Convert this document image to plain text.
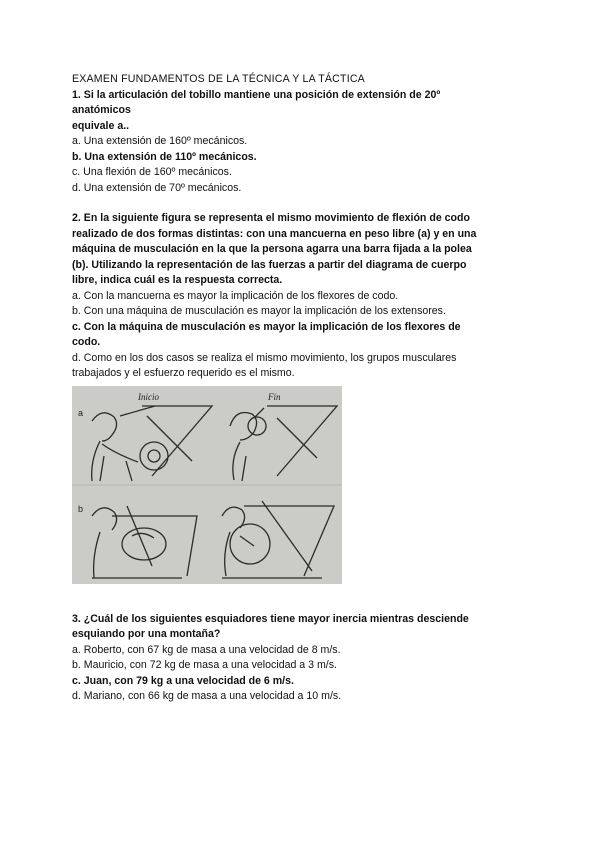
EXAMEN FUNDAMENTOS DE LA TÉCNICA Y LA TÁCTICA
1. Si la articulación del tobillo mantiene una posición de extensión de 20º
anatómicos
equivale a..
a. Una extensión de 160º mecánicos.
b. Una extensión de 110º mecánicos.
c. Una flexión de 160º mecánicos.
d. Una extensión de 70º mecánicos.
2. En la siguiente figura se representa el mismo movimiento de flexión de codo
realizado de dos formas distintas: con una mancuerna en peso libre (a) y en una
máquina de musculación en la que la persona agarra una barra fijada a la polea
(b). Utilizando la representación de las fuerzas a partir del diagrama de cuerpo
libre, indica cuál es la respuesta correcta.
a. Con la mancuerna es mayor la implicación de los flexores de codo.
b. Con una máquina de musculación es mayor la implicación de los extensores.
c. Con la máquina de musculación es mayor la implicación de los flexores de
codo.
d. Como en los dos casos se realiza el mismo movimiento, los grupos musculares
trabajados y el esfuerzo requerido es el mismo.
a
b
Inicio	Fin
3. ¿Cuál de los siguientes esquiadores tiene mayor inercia mientras desciende
esquiando por una montaña?
a. Roberto, con 67 kg de masa a una velocidad de 8 m/s.
b. Mauricio, con 72 kg de masa a una velocidad a 3 m/s.
c. Juan, con 79 kg a una velocidad de 6 m/s.
d. Mariano, con 66 kg de masa a una velocidad a 10 m/s.
